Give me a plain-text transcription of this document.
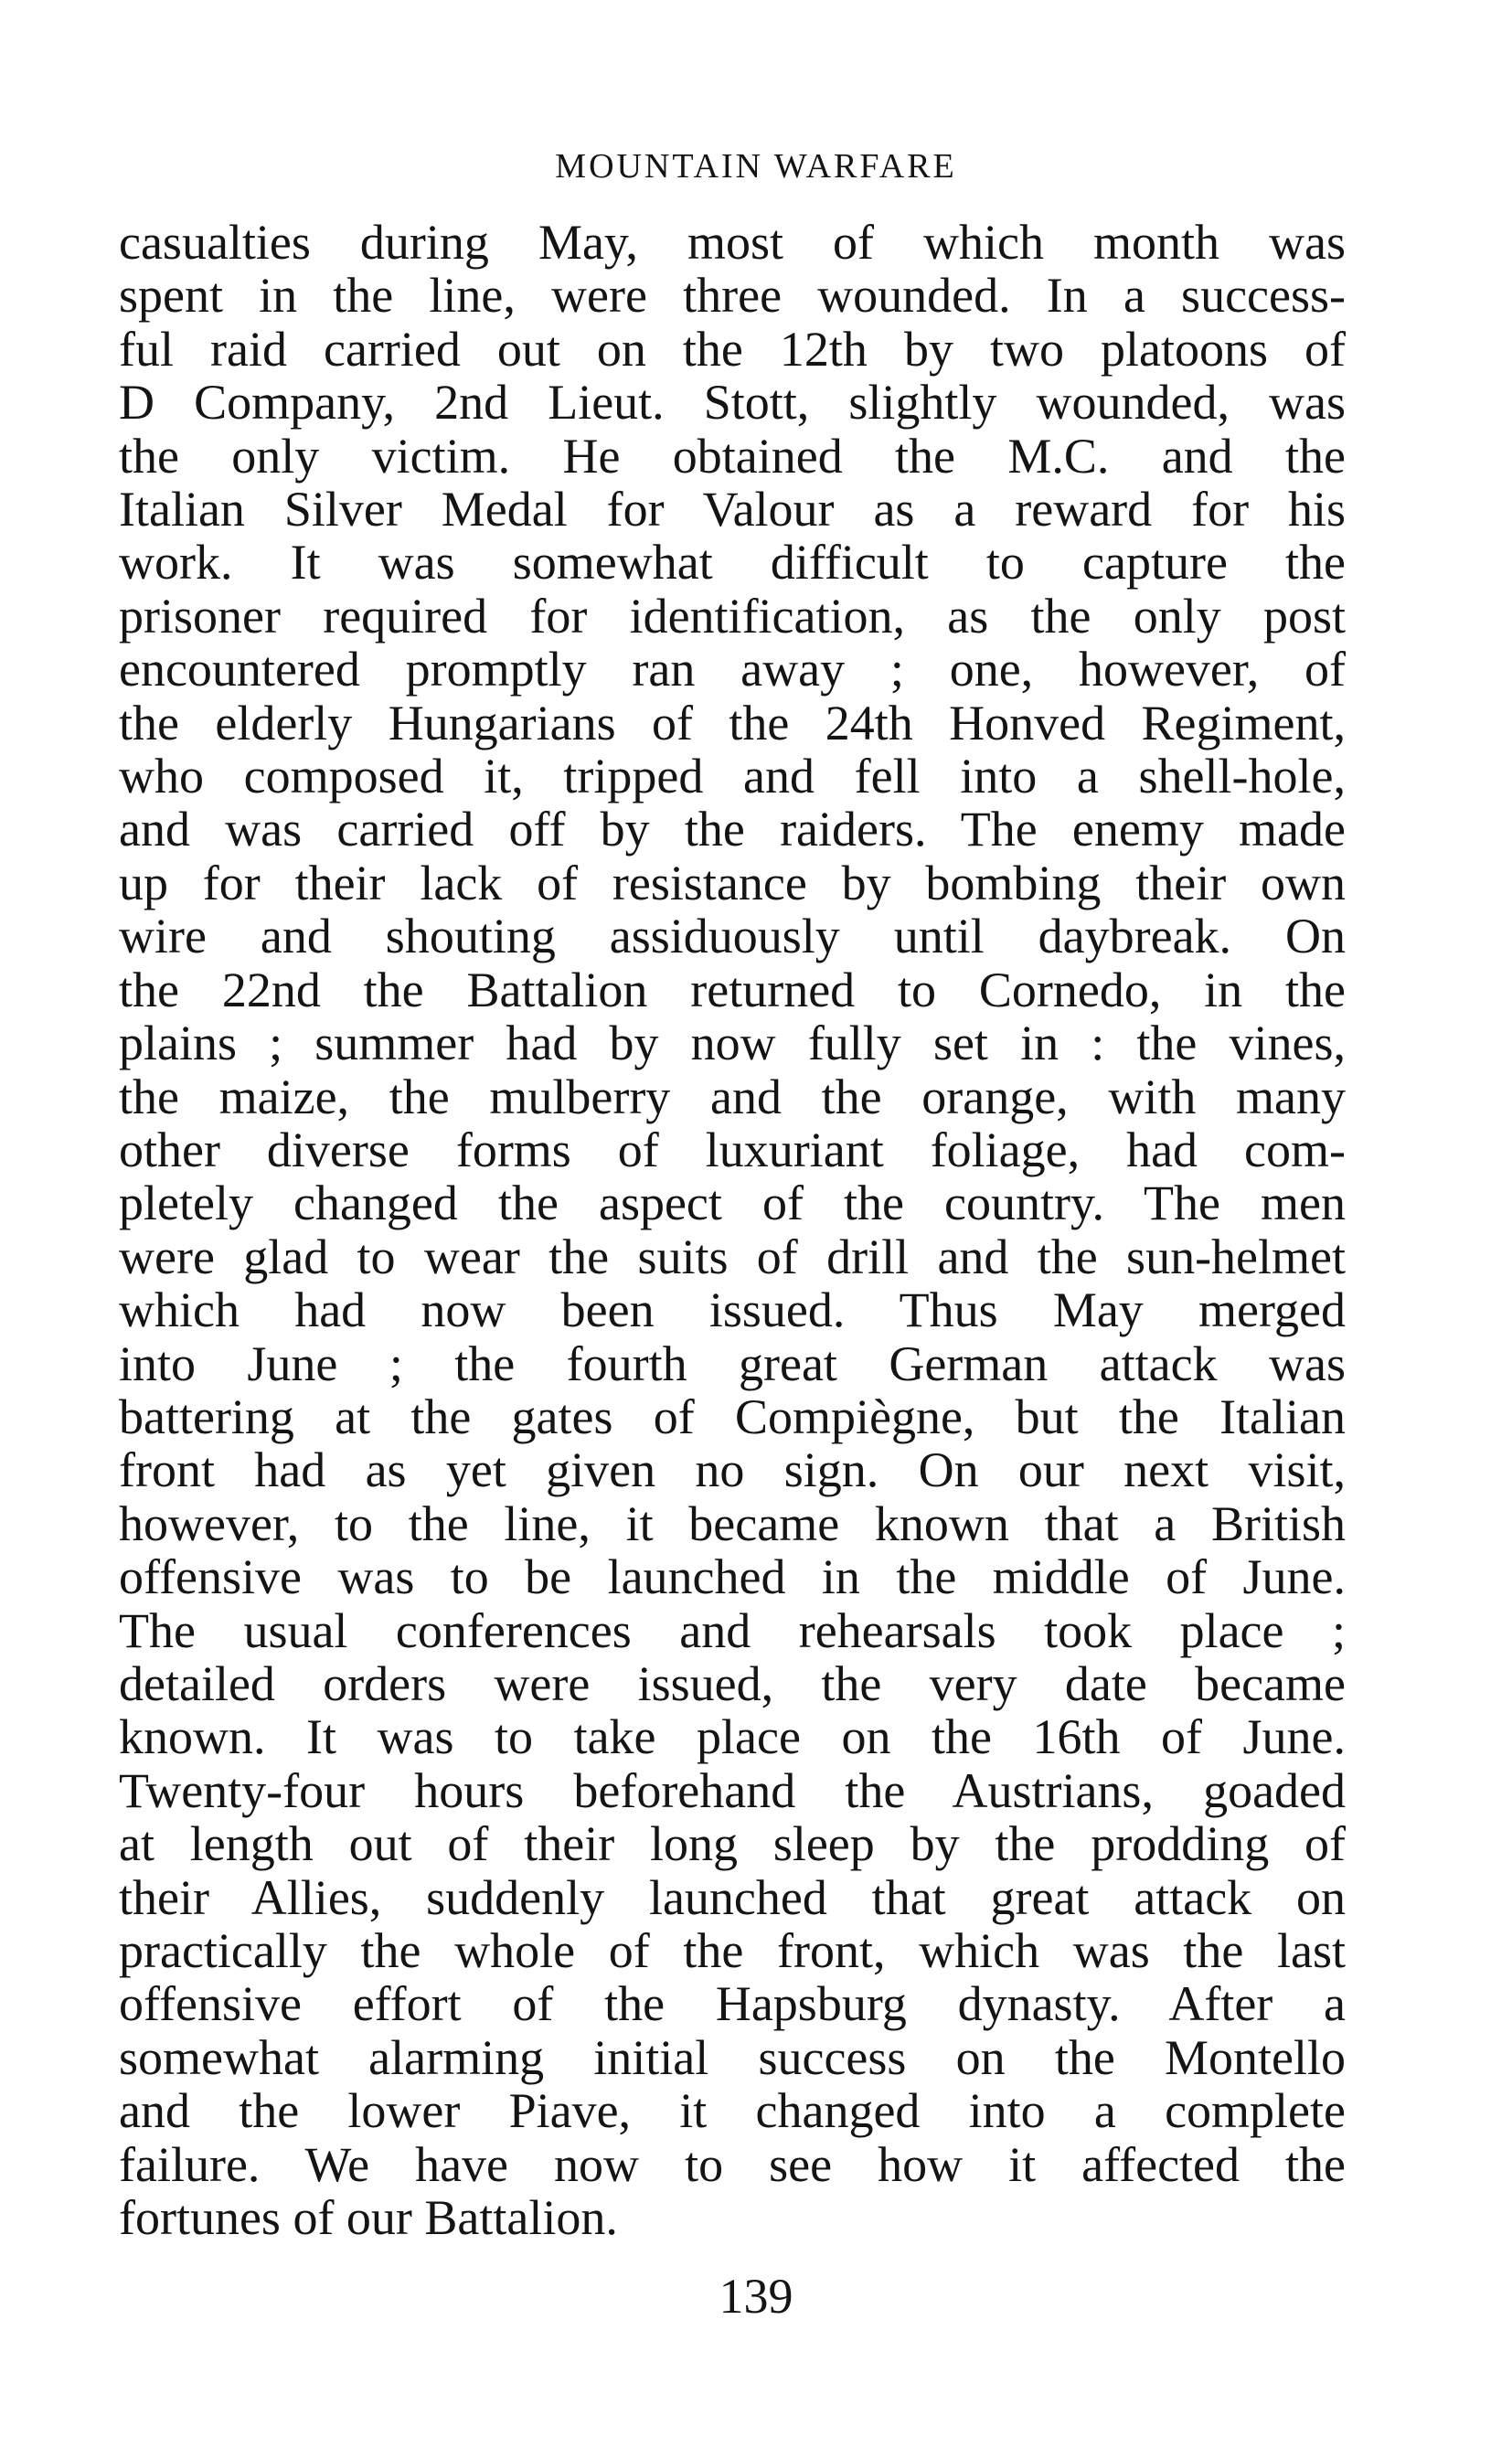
MOUNTAIN WARFARE
casualties during May, most of which month was
spent in the line, were three wounded. In a success-
ful raid carried out on the 12th by two platoons of
D Company, 2nd Lieut. Stott, slightly wounded, was
the only victim. He obtained the M.C. and the
Italian Silver Medal for Valour as a reward for his
work. It was somewhat difficult to capture the
prisoner required for identification, as the only post
encountered promptly ran away ; one, however, of
the elderly Hungarians of the 24th Honved Regiment,
who composed it, tripped and fell into a shell-hole,
and was carried off by the raiders. The enemy made
up for their lack of resistance by bombing their own
wire and shouting assiduously until daybreak. On
the 22nd the Battalion returned to Cornedo, in the
plains ; summer had by now fully set in : the vines,
the maize, the mulberry and the orange, with many
other diverse forms of luxuriant foliage, had com-
pletely changed the aspect of the country. The men
were glad to wear the suits of drill and the sun-helmet
which had now been issued. Thus May merged
into June ; the fourth great German attack was
battering at the gates of Compiègne, but the Italian
front had as yet given no sign. On our next visit,
however, to the line, it became known that a British
offensive was to be launched in the middle of June.
The usual conferences and rehearsals took place ;
detailed orders were issued, the very date became
known. It was to take place on the 16th of June.
Twenty-four hours beforehand the Austrians, goaded
at length out of their long sleep by the prodding of
their Allies, suddenly launched that great attack on
practically the whole of the front, which was the last
offensive effort of the Hapsburg dynasty. After a
somewhat alarming initial success on the Montello
and the lower Piave, it changed into a complete
failure. We have now to see how it affected the
fortunes of our Battalion.
139
